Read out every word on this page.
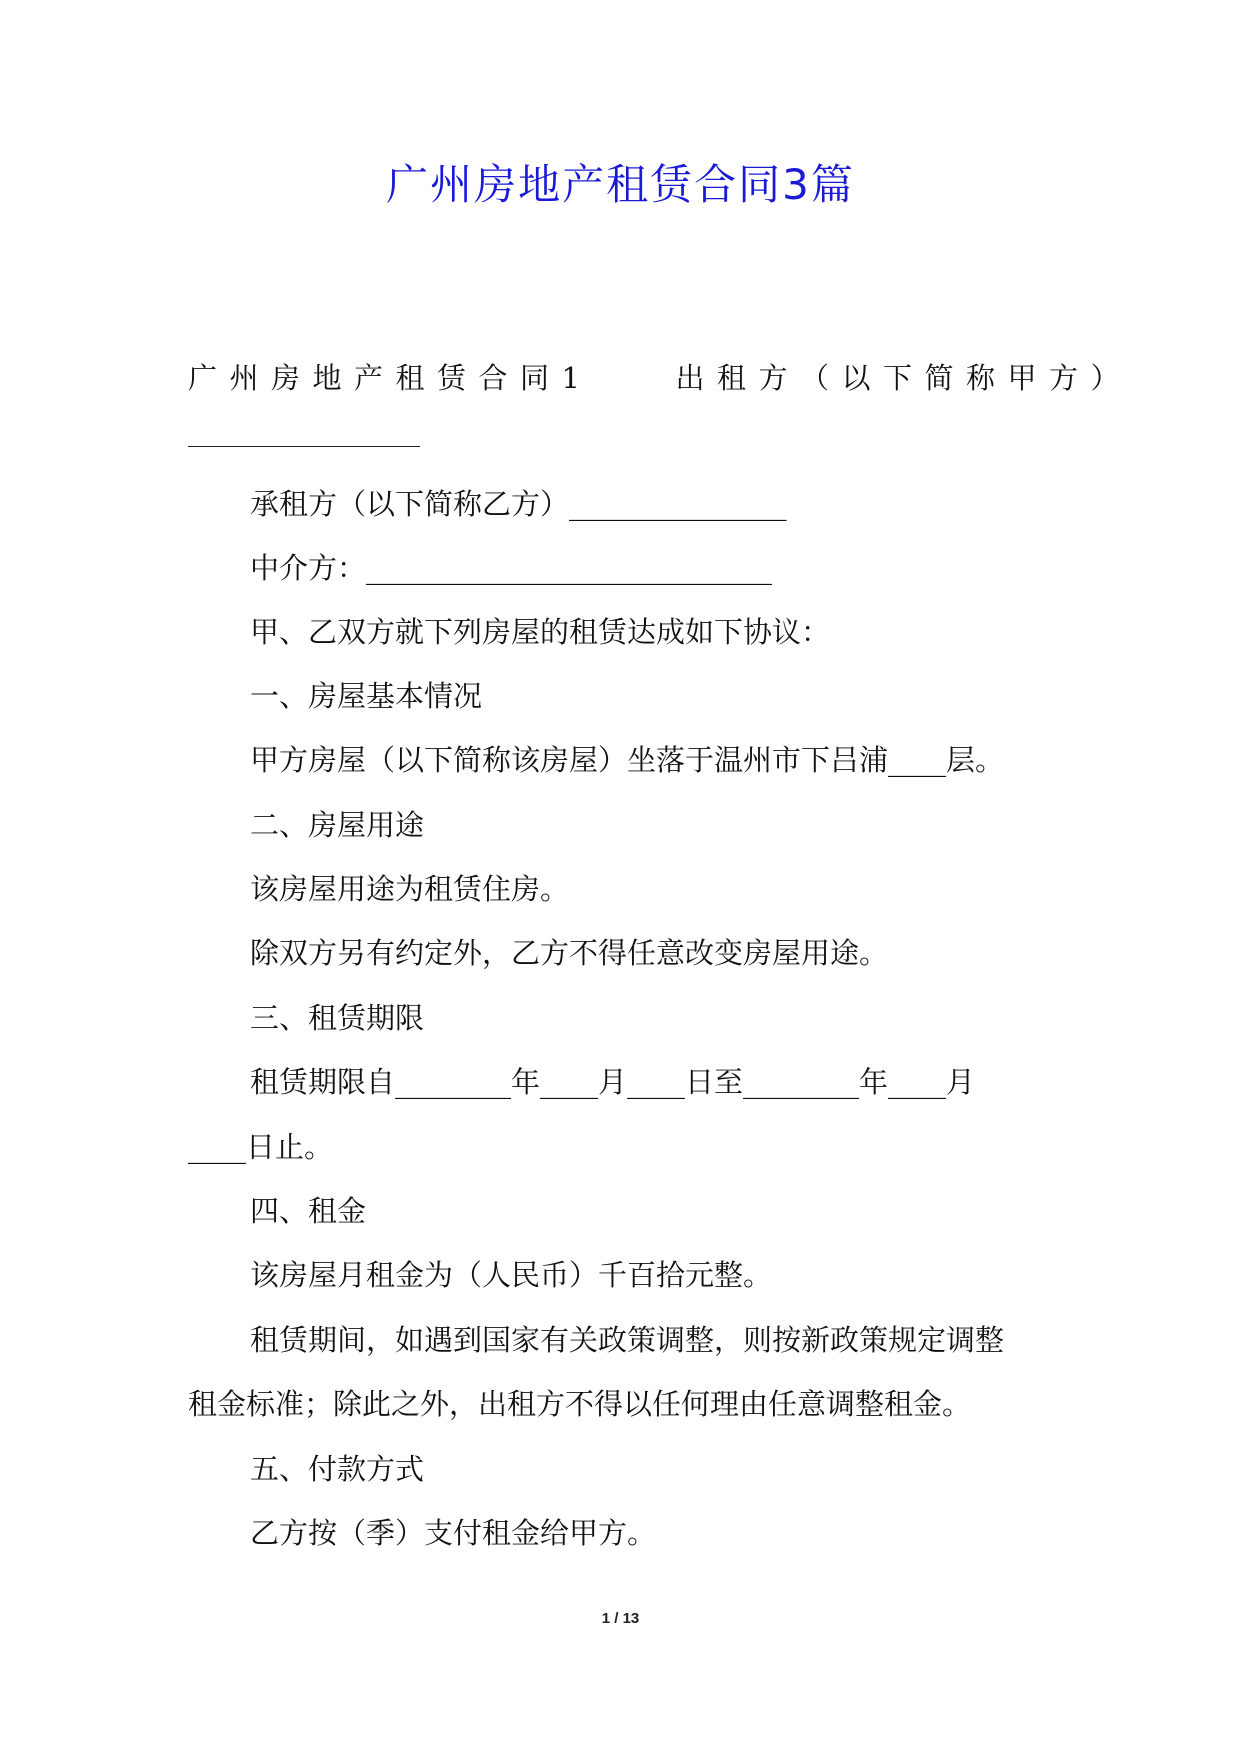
广州房地产租赁合同3篇

广州房地产租赁合同1　　出租方（以下简称甲方）

承租方（以下简称乙方）_______________

中介方：____________________________

甲、乙双方就下列房屋的租赁达成如下协议：

一、房屋基本情况

甲方房屋（以下简称该房屋）坐落于温州市下吕浦____层。

二、房屋用途

该房屋用途为租赁住房。

除双方另有约定外，乙方不得任意改变房屋用途。

三、租赁期限

租赁期限自________年____月____日至________年____月

____日止。

四、租金

该房屋月租金为（人民币）千百拾元整。

租赁期间，如遇到国家有关政策调整，则按新政策规定调整

租金标准；除此之外，出租方不得以任何理由任意调整租金。

五、付款方式

乙方按（季）支付租金给甲方。

1 / 13
